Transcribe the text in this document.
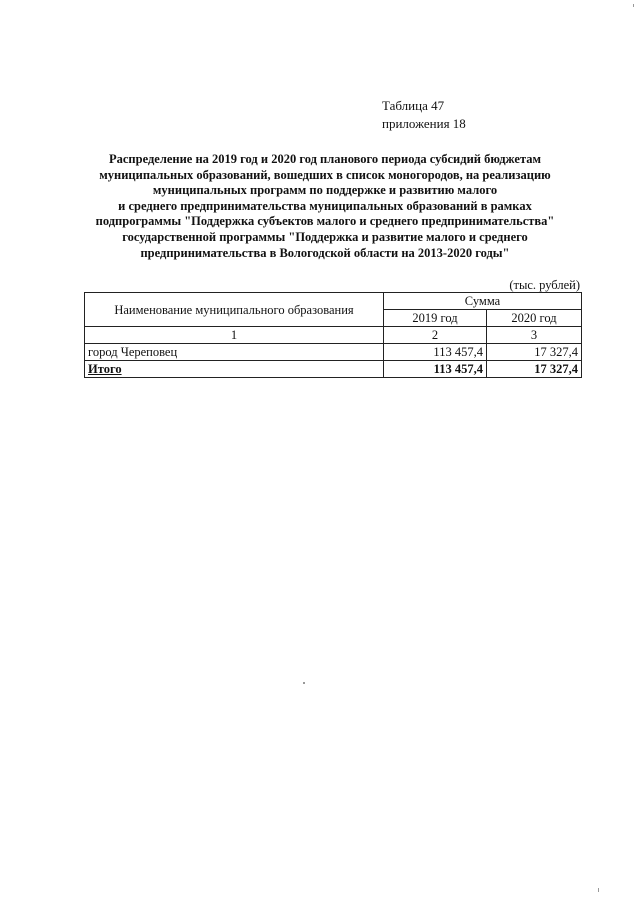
Таблица 47
приложения 18
Распределение на 2019 год и 2020 год планового периода субсидий бюджетам
муниципальных образований, вошедших в список моногородов, на реализацию
муниципальных программ по поддержке и развитию малого
и среднего предпринимательства муниципальных образований в рамках
подпрограммы "Поддержка субъектов малого и среднего предпринимательства"
государственной программы "Поддержка и развитие малого и среднего
предпринимательства в Вологодской области на 2013-2020 годы"
(тыс. рублей)
Наименование муниципального образования	Сумма	
	2019 год	2020 год
1	2	3
город Череповец	113 457,4	17 327,4
Итого	113 457,4	17 327,4
